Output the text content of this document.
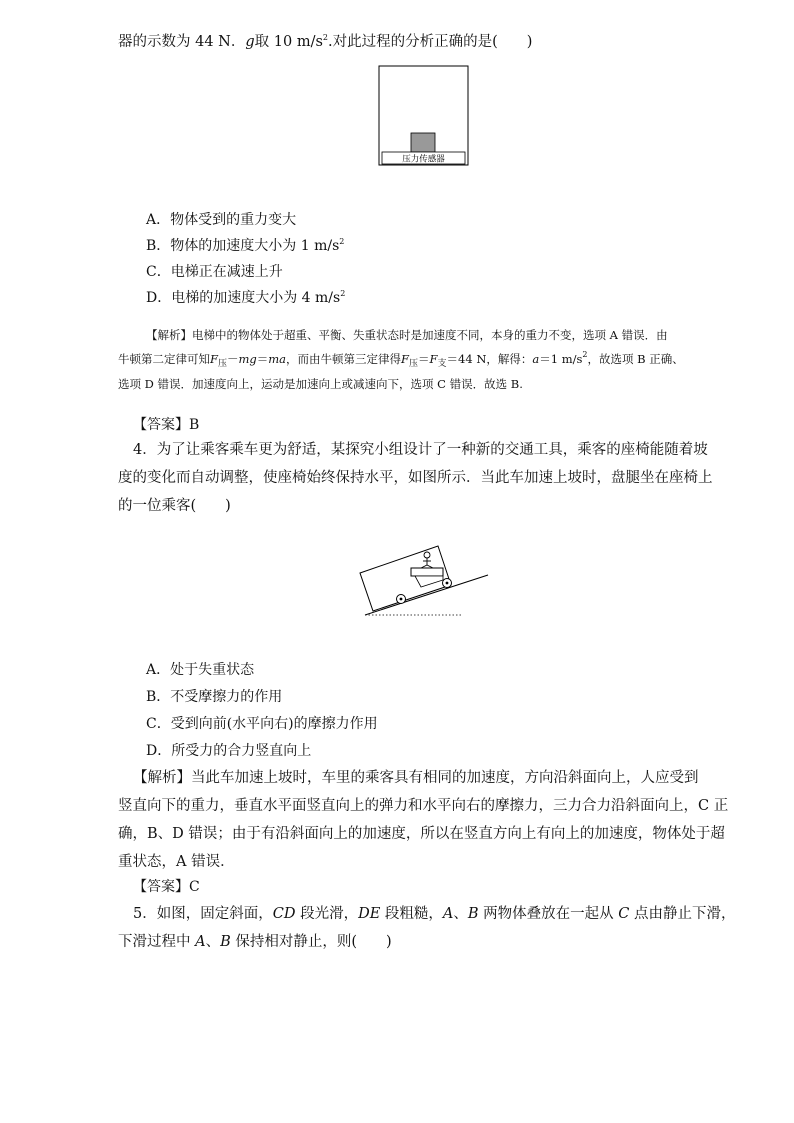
器的示数为 44 N．g取 10 $m/s^2$.对此过程的分析正确的是(　　)
压力传感器
A．物体受到的重力变大
B．物体的加速度大小为 1 $m/s^2$
C．电梯正在减速上升
D．电梯的加速度大小为 4 $m/s^2$
【解析】电梯中的物体处于超重、平衡、失重状态时是加速度不同，本身的重力不变，选项 A 错误．由
牛顿第二定律可知$F_压-mg=ma$，而由牛顿第三定律得$F_压=F_支=44$ N，解得：a＝1 $m/s^2$，故选项 B 正确、
选项 D 错误．加速度向上，运动是加速向上或减速向下，选项 C 错误．故选 B.
【答案】B
4．为了让乘客乘车更为舒适，某探究小组设计了一种新的交通工具，乘客的座椅能随着坡
度的变化而自动调整，使座椅始终保持水平，如图所示．当此车加速上坡时，盘腿坐在座椅上
的一位乘客(　　)
A．处于失重状态
B．不受摩擦力的作用
C．受到向前(水平向右)的摩擦力作用
D．所受力的合力竖直向上
【解析】当此车加速上坡时，车里的乘客具有相同的加速度，方向沿斜面向上，人应受到
竖直向下的重力，垂直水平面竖直向上的弹力和水平向右的摩擦力，三力合力沿斜面向上，C 正
确，B、D 错误；由于有沿斜面向上的加速度，所以在竖直方向上有向上的加速度，物体处于超
重状态，A 错误．
【答案】C
5．如图，固定斜面，CD 段光滑，DE 段粗糙，A、B 两物体叠放在一起从 C 点由静止下滑，
下滑过程中 A、B 保持相对静止，则(　　)
